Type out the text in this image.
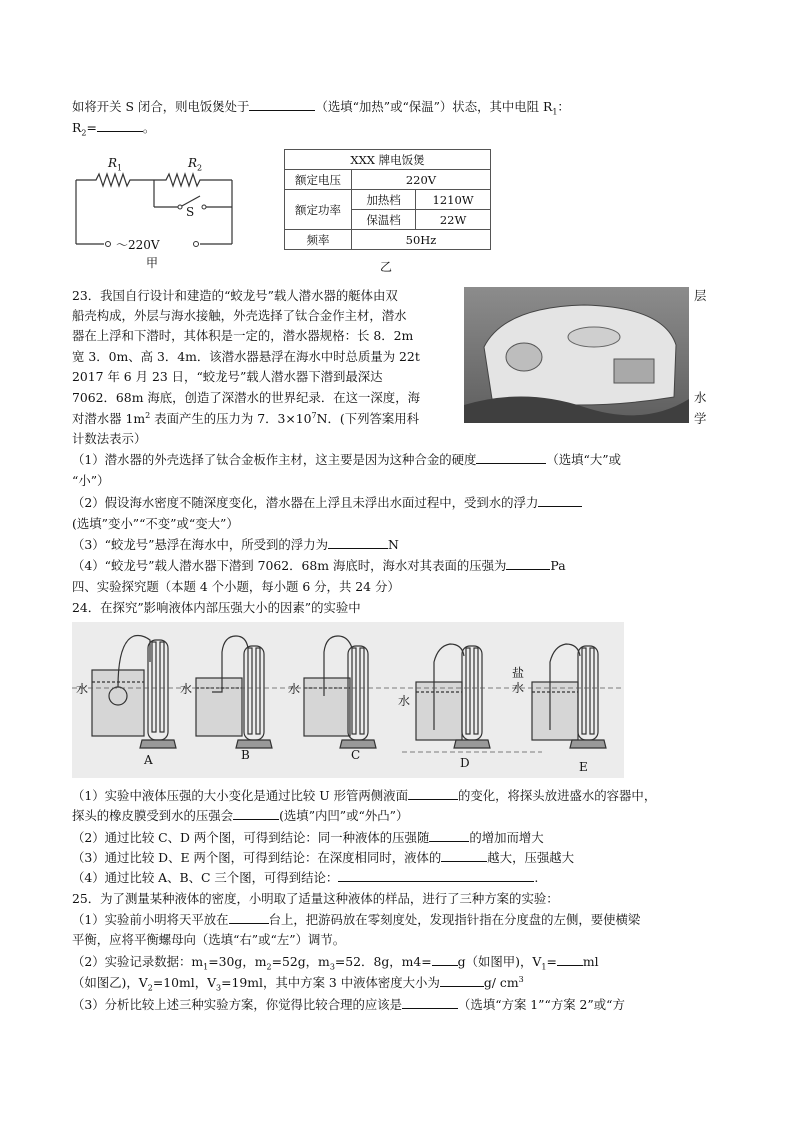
如将开关 S 闭合，则电饭煲处于	（选填“加热”或“保温”）状态，其中电阻 $R_1$：
$R_2=$	。
$R_1$	$R_2$
S
～220V
甲
XXX 牌电饭煲		
额定电压	220V	
额定功率	加热档	1210W
	保温档	22W
频率	50Hz	
乙
23．我国自行设计和建造的“蛟龙号”载人潜水器的艇体由双	层
船壳构成，外层与海水接触，外壳选择了钛合金作主材，潜水
器在上浮和下潜时，其体积是一定的，潜水器规格：长 8．2m
宽 3．0m、高 3．4m．该潜水器悬浮在海水中时总质量为 22t
2017 年 6 月 23 日，“蛟龙号”载人潜水器下潜到最深达
7062．68m 海底，创造了深潜水的世界纪录．在这一深度，海	水
对潜水器 $1m^2$ 表面产生的压力为 7．$3\times 10^7N$．(下列答案用科	学
计数法表示）
（1）潜水器的外壳选择了钛合金板作主材，这主要是因为这种合金的硬度	（选填“大”或
“小”）
（2）假设海水密度不随深度变化，潜水器在上浮且未浮出水面过程中，受到水的浮力
(选填”变小”“不变”或“变大”）
（3）“蛟龙号”悬浮在海水中，所受到的浮力为	N
（4）“蛟龙号”载人潜水器下潜到 7062．68m 海底时，海水对其表面的压强为	Pa
四、实验探究题（本题 4 个小题，每小题 6 分，共 24 分）
24．在探究”影响液体内部压强大小的因素”的实验中
A	B	C
D	E
水	水	水
水
盐水
（1）实验中液体压强的大小变化是通过比较 U 形管两侧液面	的变化，将探头放进盛水的容器中，
探头的橡皮膜受到水的压强会	(选填”内凹”或“外凸”）
（2）通过比较 C、D 两个图，可得到结论：同一种液体的压强随	的增加而增大
（3）通过比较 D、E 两个图，可得到结论：在深度相同时，液体的	越大，压强越大
（4）通过比较 A、B、C 三个图，可得到结论：	.
25．为了测量某种液体的密度，小明取了适量这种液体的样品，进行了三种方案的实验：
（1）实验前小明将天平放在	台上，把游码放在零刻度处，发现指针指在分度盘的左侧，要使横梁
平衡，应将平衡螺母向（选填“右”或“左”）调节。
（2）实验记录数据：$m_1=30g$，$m_2=52g$，$m_3=52$．8g，m4= g（如图甲)，$V_1=$ ml
（如图乙)，$V_2=10ml$，$V_3=19ml$，其中方案 3 中液体密度大小为	g/ $cm^3$
（3）分析比较上述三种实验方案，你觉得比较合理的应该是	（选填“方案 1”“方案 2”或“方
